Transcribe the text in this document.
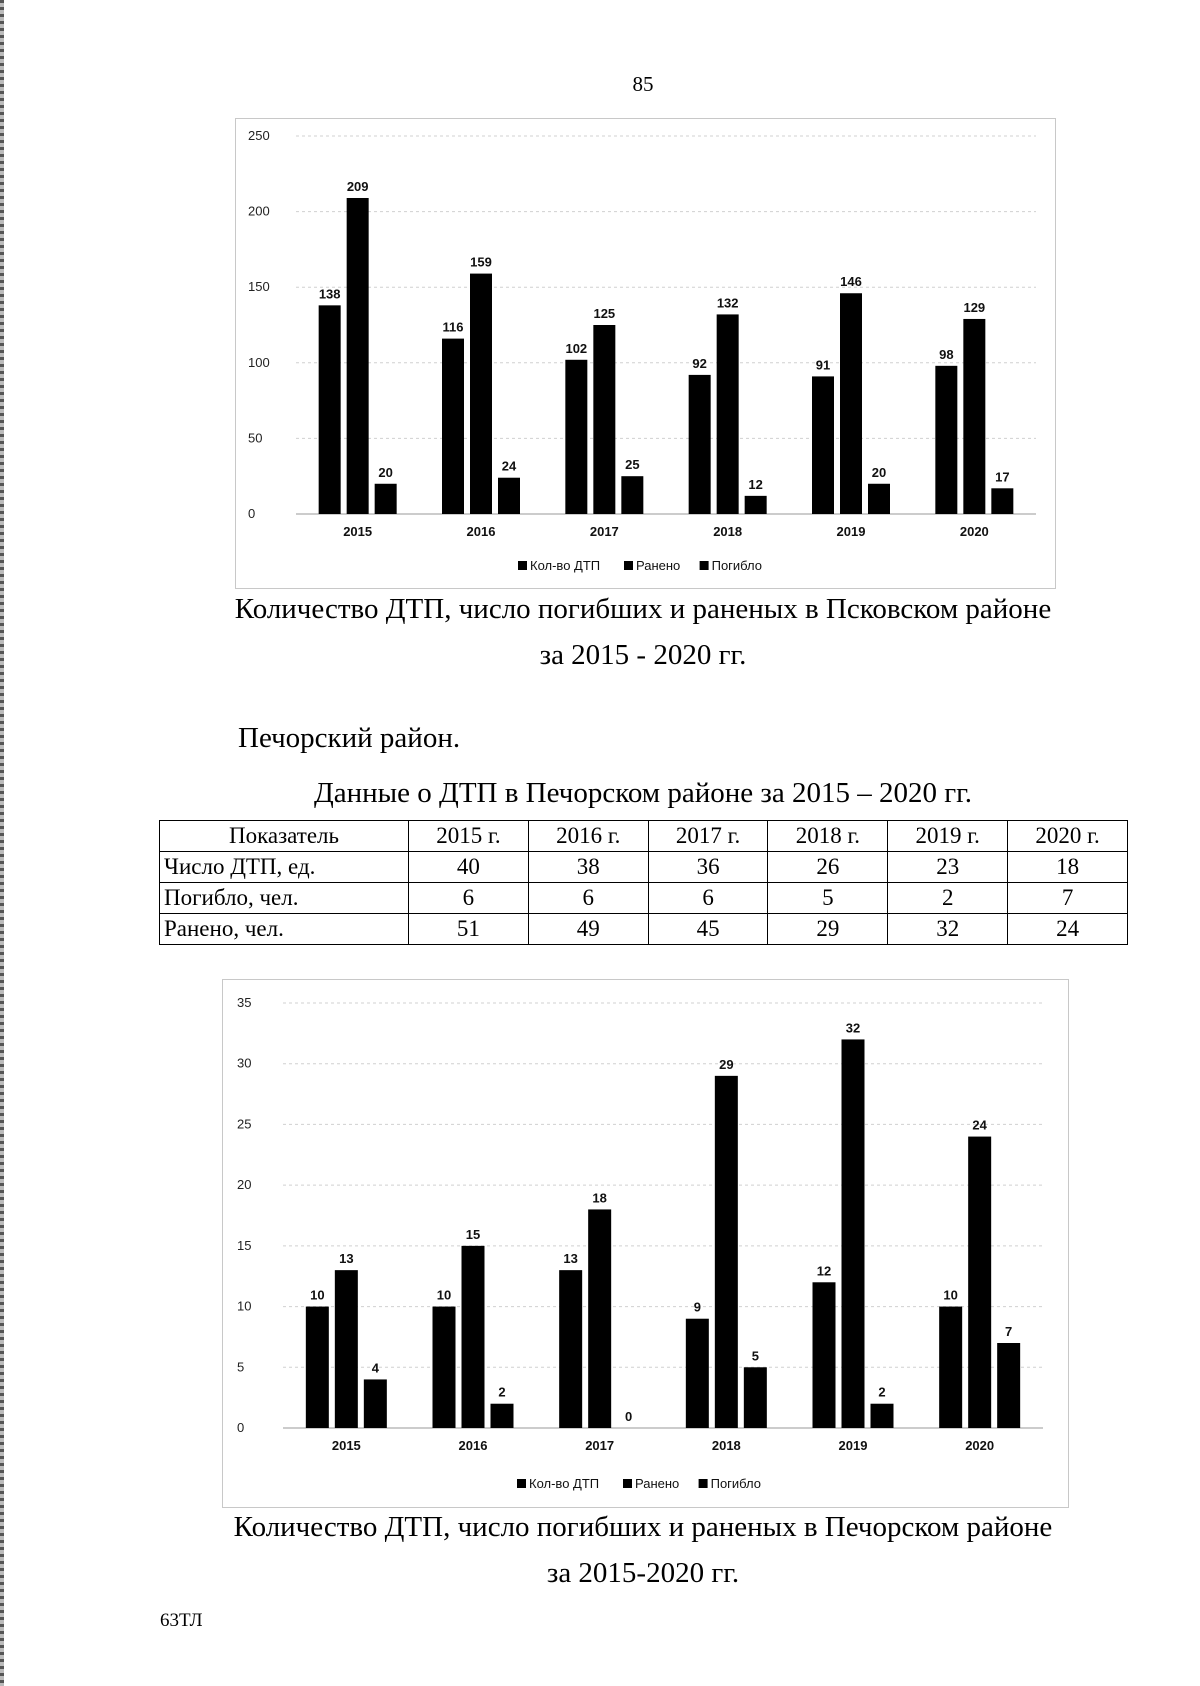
85
0
50
100
150
200
250
138
209
20
2015
116
159
24
2016
102
125
25
2017
92
132
12
2018
91
146
20
2019
98
129
17
2020
Кол-во ДТП	Ранено Погибло
Количество ДТП, число погибших и раненых в Псковском районе
за 2015 - 2020 гг.
Печорский район.
Данные о ДТП в Печорском районе за 2015 – 2020 гг.
Показатель	2015 г.	2016 г.	2017 г.	2018 г.	2019 г.	2020 г.
Число ДТП, ед.	40	38	36	26	23	18
Погибло, чел.	6	6	6	5	2	7
Ранено, чел.	51	49	45	29	32	24
0
5
10
15
20
25
30
35
10
13
4
2015
10
15
2
2016
13
18
0
2017
9
29
5
2018
12
32
2
2019
10
24
7
2020
Кол-во ДТП	Ранено Погибло
Количество ДТП, число погибших и раненых в Печорском районе
за 2015-2020 гг.
63ТЛ
